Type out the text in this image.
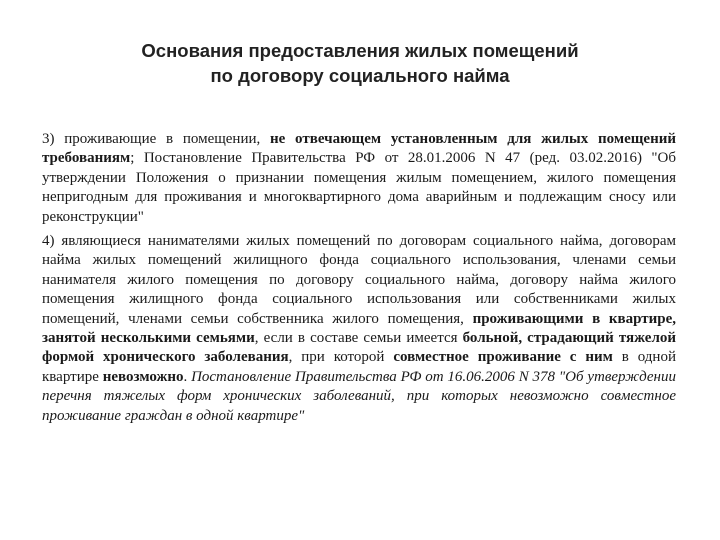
Основания предоставления жилых помещений
по договору социального найма

3) проживающие в помещении, не отвечающем установленным для жилых помещений требованиям; Постановление Правительства РФ от 28.01.2006 N 47 (ред. 03.02.2016) "Об утверждении Положения о признании помещения жилым помещением, жилого помещения непригодным для проживания и многоквартирного дома аварийным и подлежащим сносу или реконструкции"

4) являющиеся нанимателями жилых помещений по договорам социального найма, договорам найма жилых помещений жилищного фонда социального использования, членами семьи нанимателя жилого помещения по договору социального найма, договору найма жилого помещения жилищного фонда социального использования или собственниками жилых помещений, членами семьи собственника жилого помещения, проживающими в квартире, занятой несколькими семьями, если в составе семьи имеется больной, страдающий тяжелой формой хронического заболевания, при которой совместное проживание с ним в одной квартире невозможно. Постановление Правительства РФ от 16.06.2006 N 378 "Об утверждении перечня тяжелых форм хронических заболеваний, при которых невозможно совместное проживание граждан в одной квартире"
